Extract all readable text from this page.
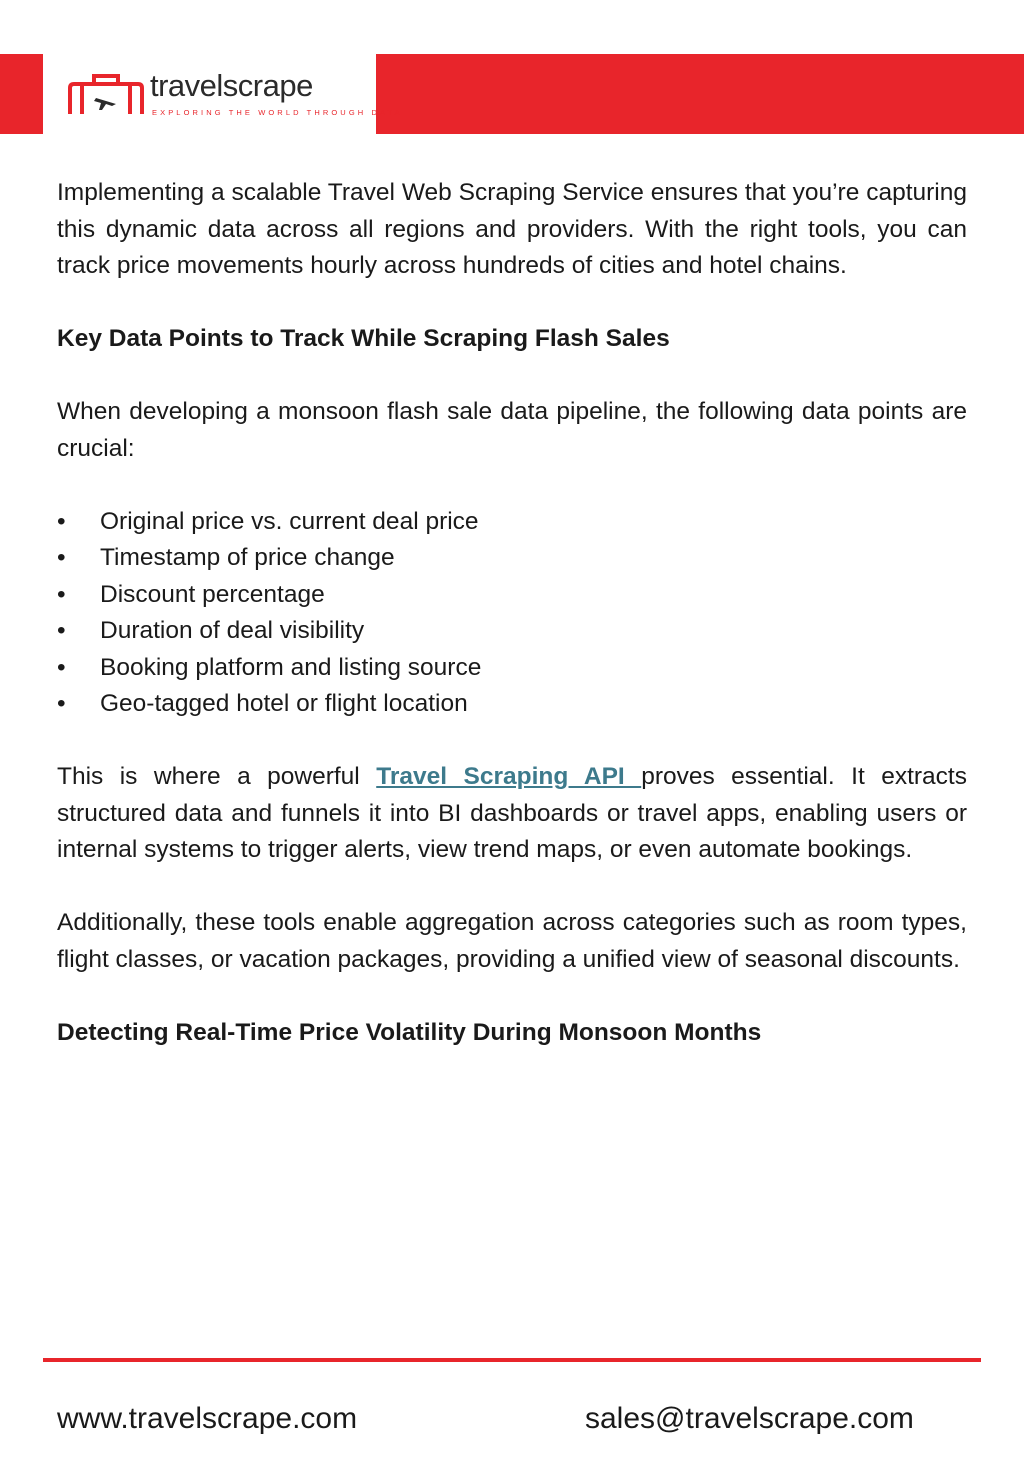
travelscrape
EXPLORING THE WORLD THROUGH DATA

Implementing a scalable Travel Web Scraping Service ensures that you’re capturing this dynamic data across all regions and providers. With the right tools, you can track price movements hourly across hundreds of cities and hotel chains.

Key Data Points to Track While Scraping Flash Sales

When developing a monsoon flash sale data pipeline, the following data points are crucial:

• Original price vs. current deal price
• Timestamp of price change
• Discount percentage
• Duration of deal visibility
• Booking platform and listing source
• Geo-tagged hotel or flight location

This is where a powerful Travel Scraping API proves essential. It extracts structured data and funnels it into BI dashboards or travel apps, enabling users or internal systems to trigger alerts, view trend maps, or even automate bookings.

Additionally, these tools enable aggregation across categories such as room types, flight classes, or vacation packages, providing a unified view of seasonal discounts.

Detecting Real-Time Price Volatility During Monsoon Months
www.travelscrape.com	sales@travelscrape.com
